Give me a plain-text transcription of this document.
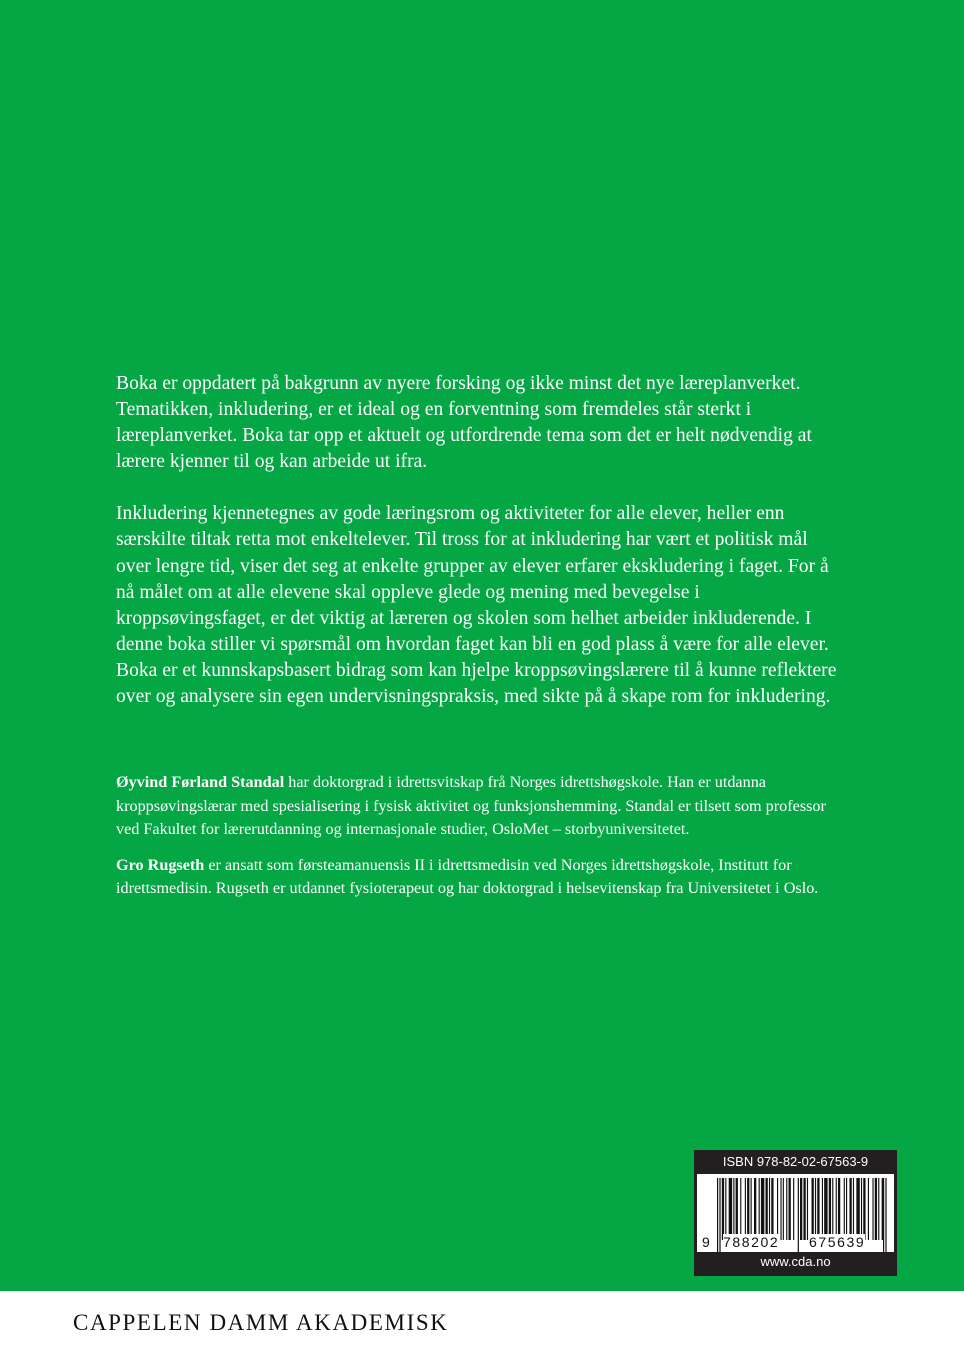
Boka er oppdatert på bakgrunn av nyere forsking og ikke minst det nye læreplanverket. Tematikken, inkludering, er et ideal og en forventning som fremdeles står sterkt i læreplanverket. Boka tar opp et aktuelt og utfordrende tema som det er helt nødvendig at lærere kjenner til og kan arbeide ut ifra.

Inkludering kjennetegnes av gode læringsrom og aktiviteter for alle elever, heller enn særskilte tiltak retta mot enkeltelever. Til tross for at inkludering har vært et politisk mål over lengre tid, viser det seg at enkelte grupper av elever erfarer ekskludering i faget. For å nå målet om at alle elevene skal oppleve glede og mening med bevegelse i kroppsøvingsfaget, er det viktig at læreren og skolen som helhet arbeider inkluderende. I denne boka stiller vi spørsmål om hvordan faget kan bli en god plass å være for alle elever. Boka er et kunnskapsbasert bidrag som kan hjelpe kroppsøvingslærere til å kunne reflektere over og analysere sin egen undervisningspraksis, med sikte på å skape rom for inkludering.

Øyvind Førland Standal har doktorgrad i idrettsvitskap frå Norges idrettshøgskole. Han er utdanna kroppsøvingslærar med spesialisering i fysisk aktivitet og funksjonshemming. Standal er tilsett som professor ved Fakultet for lærerutdanning og internasjonale studier, OsloMet – storbyuniversitetet.

Gro Rugseth er ansatt som førsteamanuensis II i idrettsmedisin ved Norges idrettshøgskole, Institutt for idrettsmedisin. Rugseth er utdannet fysioterapeut og har doktorgrad i helsevitenskap fra Universitetet i Oslo.

ISBN 978-82-02-67563-9
9 788202 675639
www.cda.no
CAPPELEN DAMM AKADEMISK
